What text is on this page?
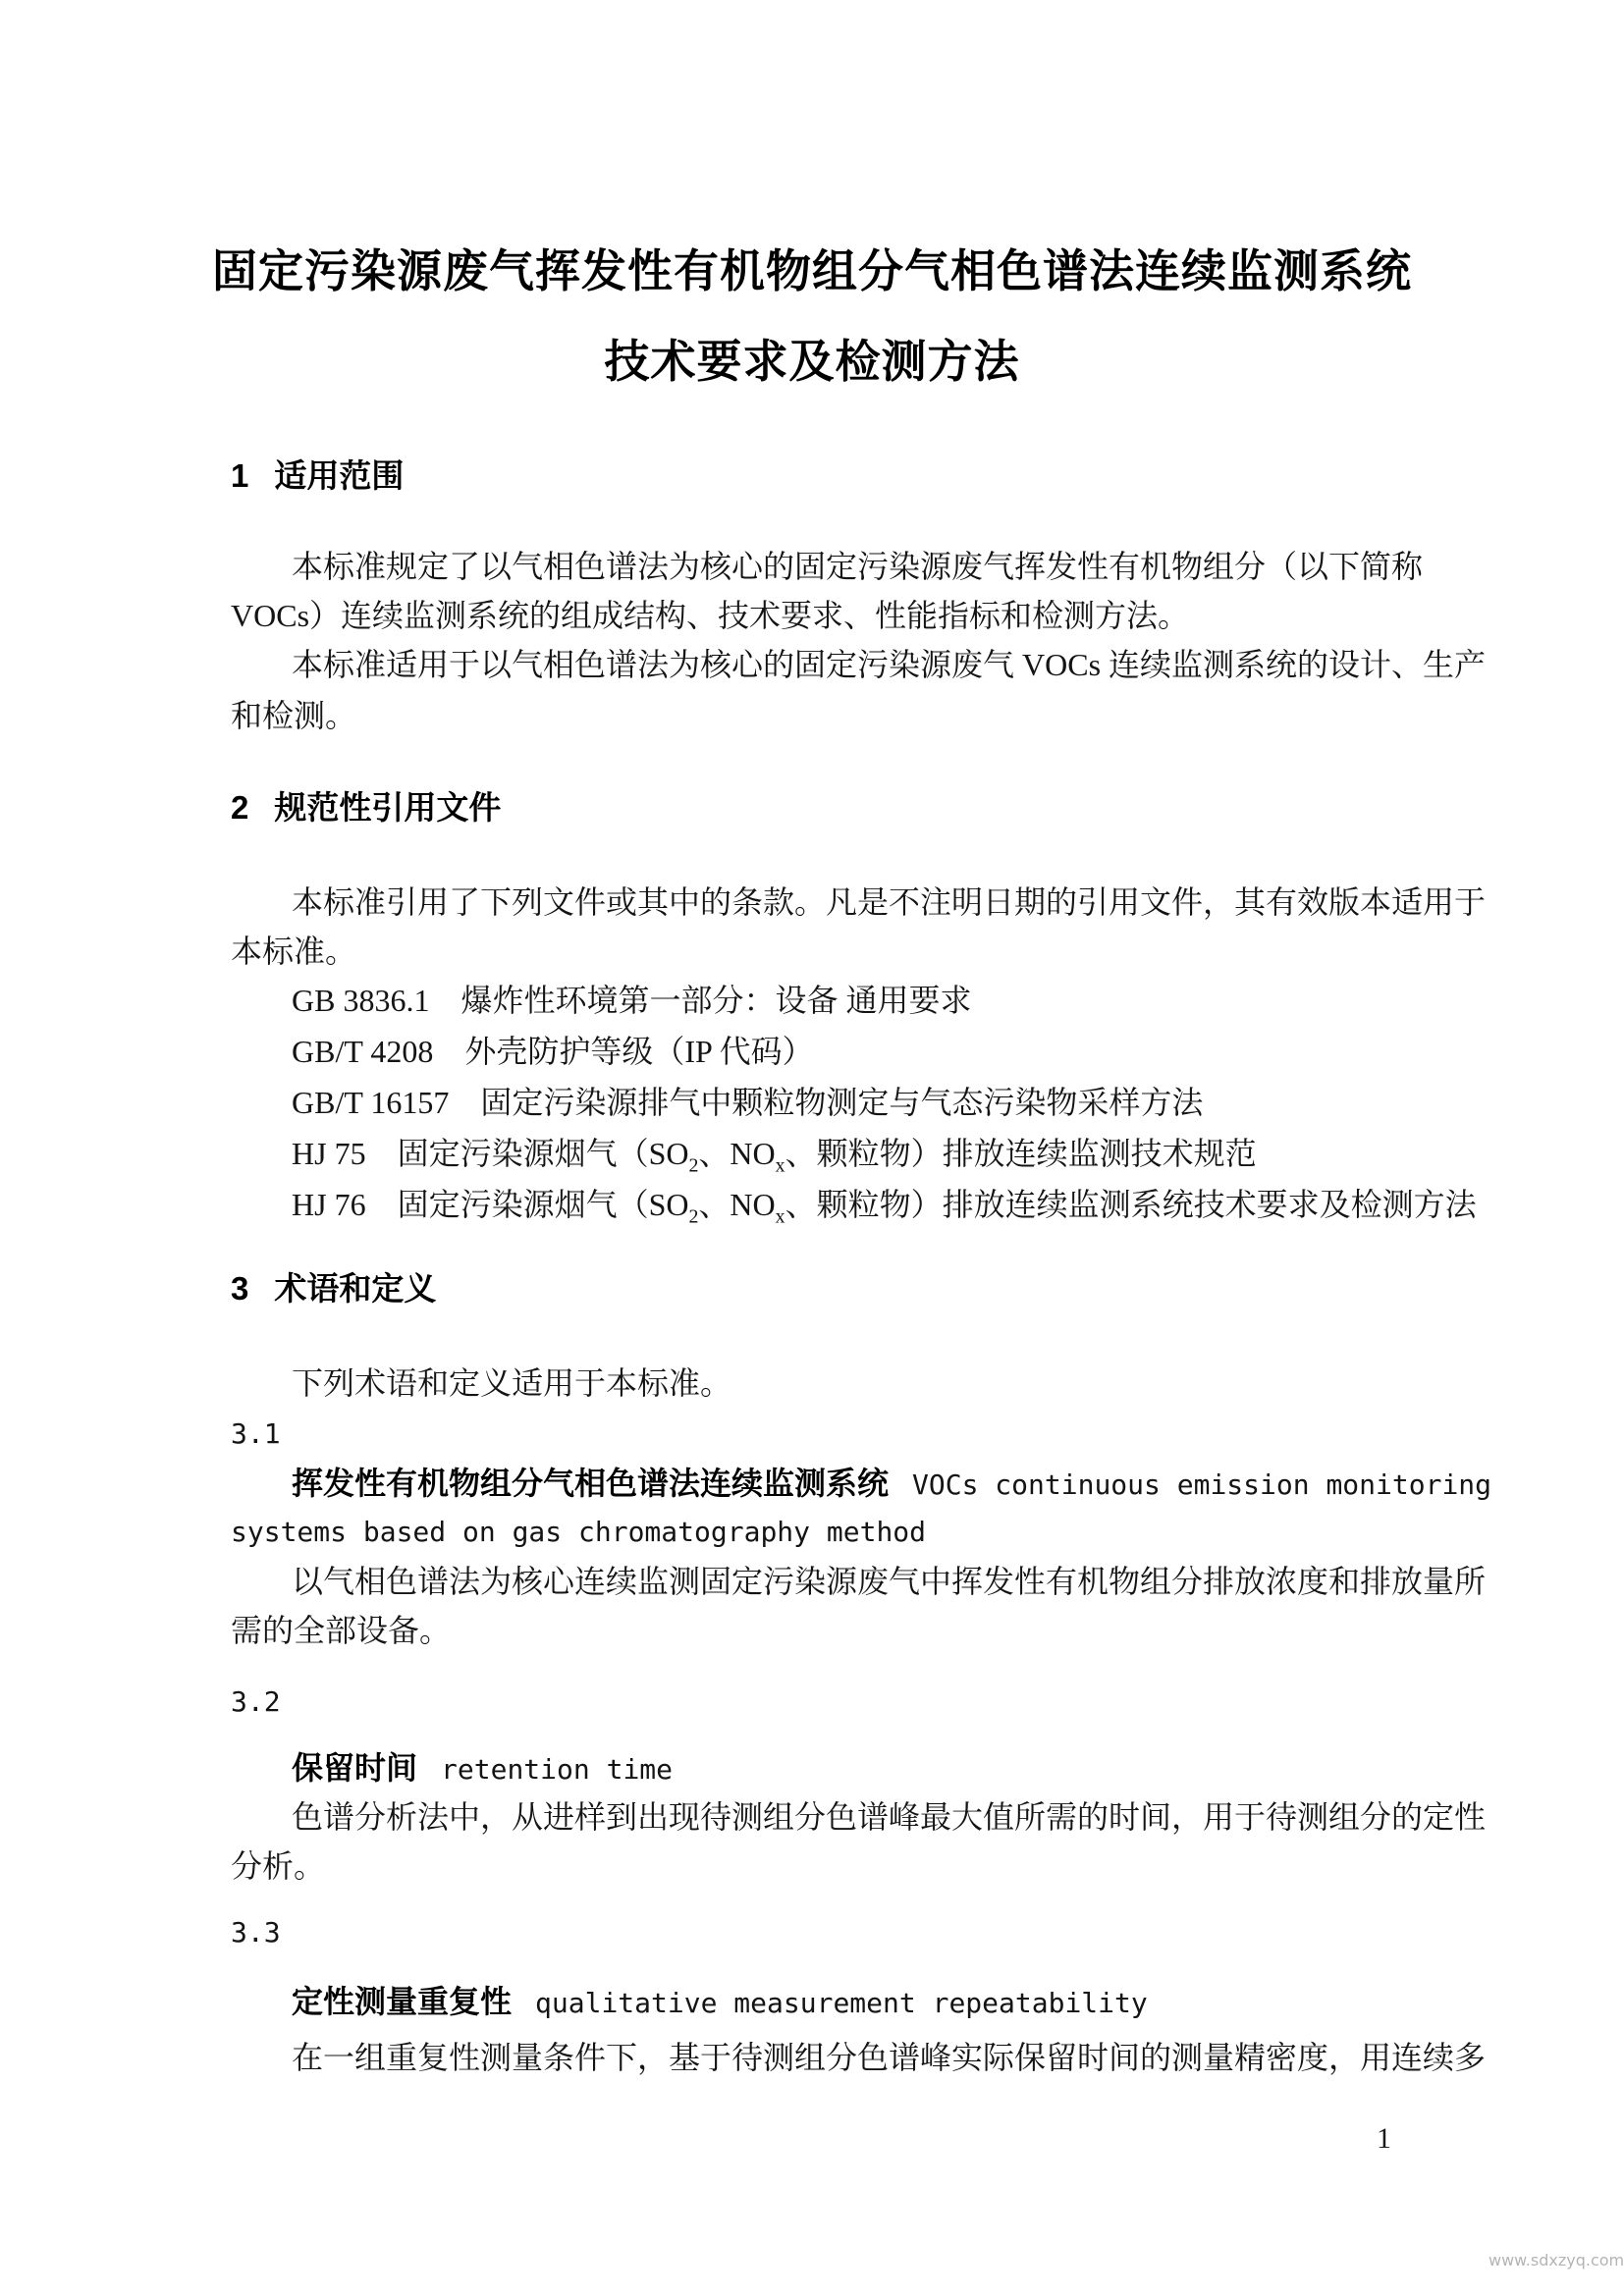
固定污染源废气挥发性有机物组分气相色谱法连续监测系统
技术要求及检测方法
1 适用范围
本标准规定了以气相色谱法为核心的固定污染源废气挥发性有机物组分（以下简称
VOCs）连续监测系统的组成结构、技术要求、性能指标和检测方法。
本标准适用于以气相色谱法为核心的固定污染源废气 VOCs 连续监测系统的设计、生产
和检测。
2 规范性引用文件
本标准引用了下列文件或其中的条款。凡是不注明日期的引用文件，其有效版本适用于
本标准。
GB 3836.1　爆炸性环境第一部分：设备 通用要求
GB/T 4208　外壳防护等级（IP 代码）
GB/T 16157　固定污染源排气中颗粒物测定与气态污染物采样方法
HJ 75　固定污染源烟气（$SO_2$、$NO_x$、颗粒物）排放连续监测技术规范
HJ 76　固定污染源烟气（$SO_2$、$NO_x$、颗粒物）排放连续监测系统技术要求及检测方法
3 术语和定义
下列术语和定义适用于本标准。
3.1
挥发性有机物组分气相色谱法连续监测系统 VOCs continuous emission monitoring
systems based on gas chromatography method
以气相色谱法为核心连续监测固定污染源废气中挥发性有机物组分排放浓度和排放量所
需的全部设备。
3.2
保留时间 retention time
色谱分析法中，从进样到出现待测组分色谱峰最大值所需的时间，用于待测组分的定性
分析。
3.3
定性测量重复性 qualitative measurement repeatability
在一组重复性测量条件下，基于待测组分色谱峰实际保留时间的测量精密度，用连续多
1
www.sdxzyq.com
